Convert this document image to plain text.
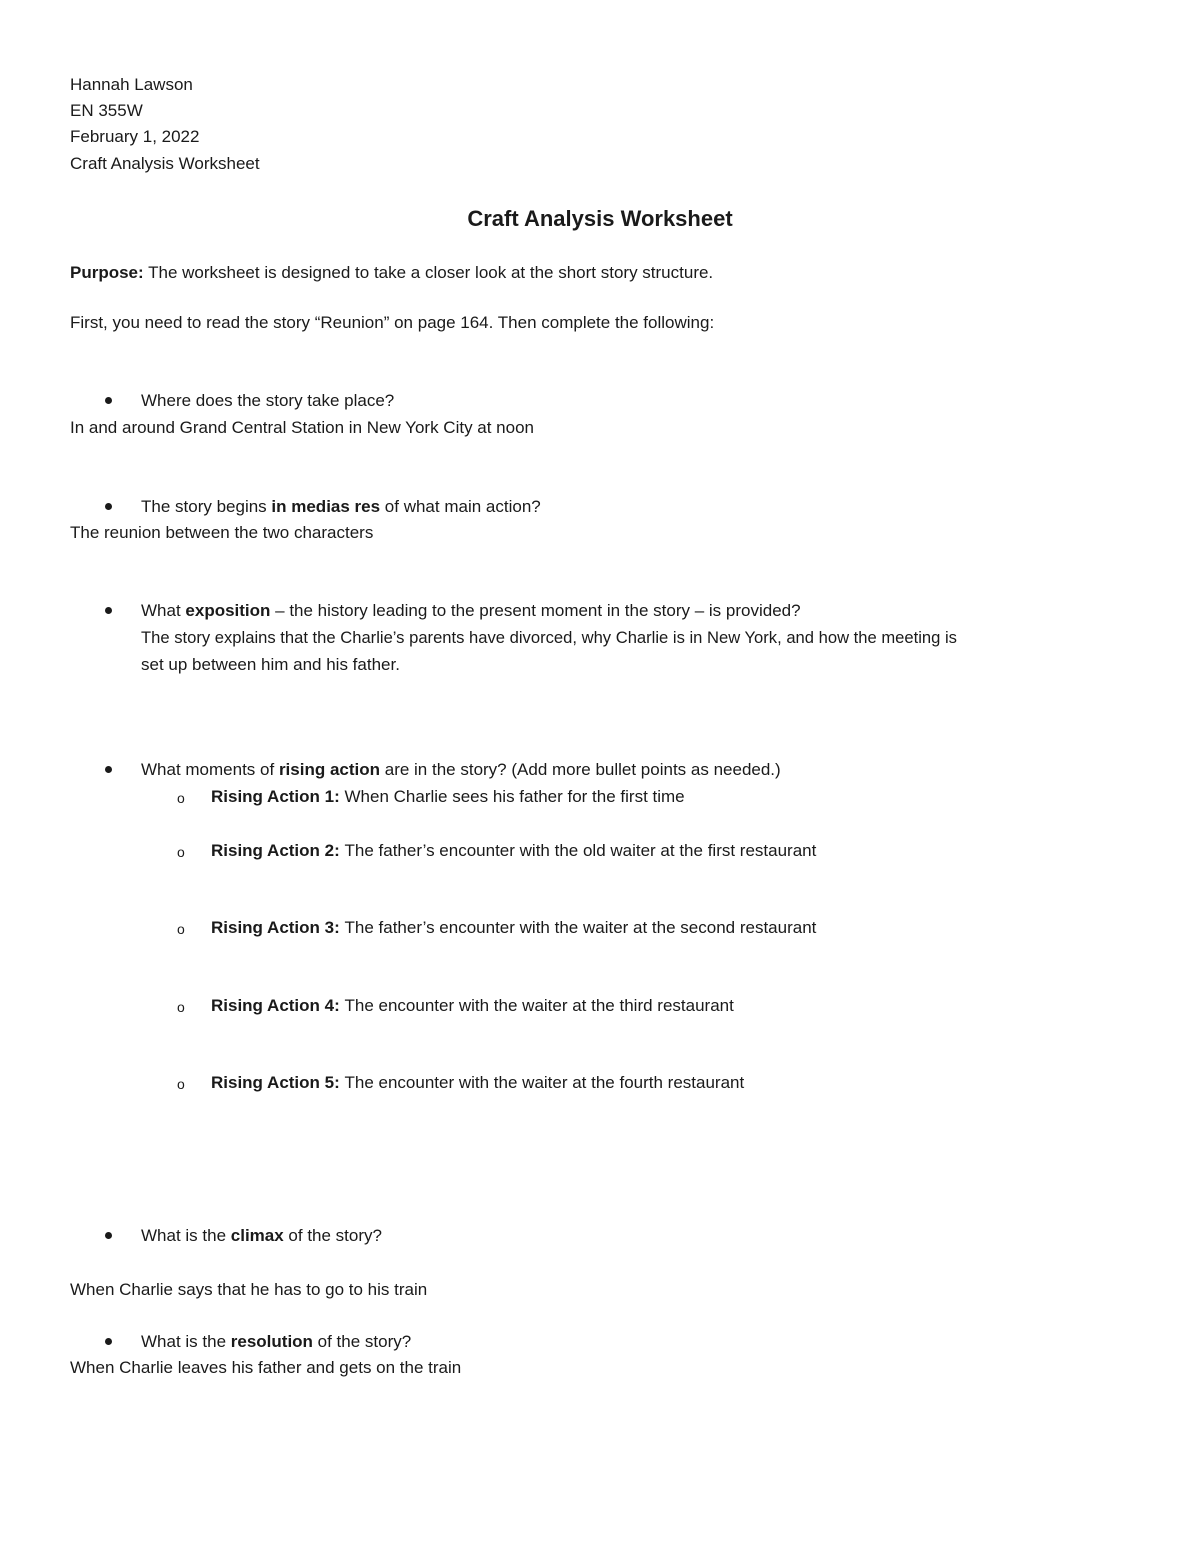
Hannah Lawson
EN 355W
February 1, 2022
Craft Analysis Worksheet
Craft Analysis Worksheet
Purpose: The worksheet is designed to take a closer look at the short story structure.
First, you need to read the story “Reunion” on page 164. Then complete the following:
Where does the story take place?
In and around Grand Central Station in New York City at noon
The story begins in medias res of what main action?
The reunion between the two characters
What exposition – the history leading to the present moment in the story – is provided?
The story explains that the Charlie’s parents have divorced, why Charlie is in New York, and how the meeting is
set up between him and his father.
What moments of rising action are in the story? (Add more bullet points as needed.)
o Rising Action 1: When Charlie sees his father for the first time
o Rising Action 2: The father’s encounter with the old waiter at the first restaurant
o Rising Action 3: The father’s encounter with the waiter at the second restaurant
o Rising Action 4: The encounter with the waiter at the third restaurant
o Rising Action 5: The encounter with the waiter at the fourth restaurant
What is the climax of the story?
When Charlie says that he has to go to his train
What is the resolution of the story?
When Charlie leaves his father and gets on the train
